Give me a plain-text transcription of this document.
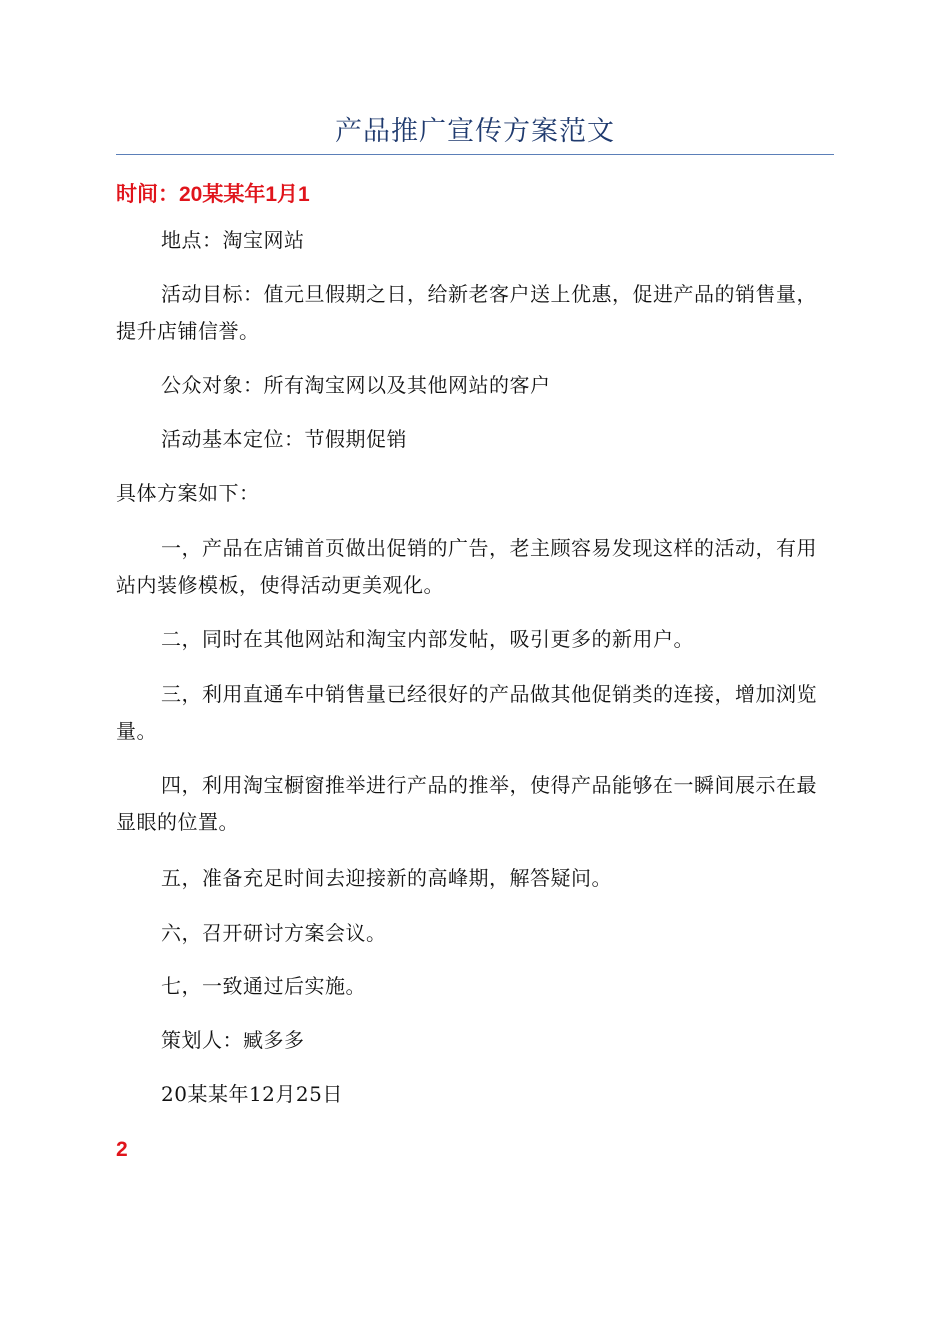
产品推广宣传方案范文
时间：20某某年1月1

地点：淘宝网站

活动目标：值元旦假期之日，给新老客户送上优惠，促进产品的销售量，提升店铺信誉。

公众对象：所有淘宝网以及其他网站的客户

活动基本定位：节假期促销

具体方案如下：

一，产品在店铺首页做出促销的广告，老主顾容易发现这样的活动，有用站内装修模板，使得活动更美观化。

二，同时在其他网站和淘宝内部发帖，吸引更多的新用户。

三，利用直通车中销售量已经很好的产品做其他促销类的连接，增加浏览量。

四，利用淘宝橱窗推举进行产品的推举，使得产品能够在一瞬间展示在最显眼的位置。

五，准备充足时间去迎接新的高峰期，解答疑问。

六，召开研讨方案会议。

七，一致通过后实施。

策划人：臧多多

20某某年12月25日

2
